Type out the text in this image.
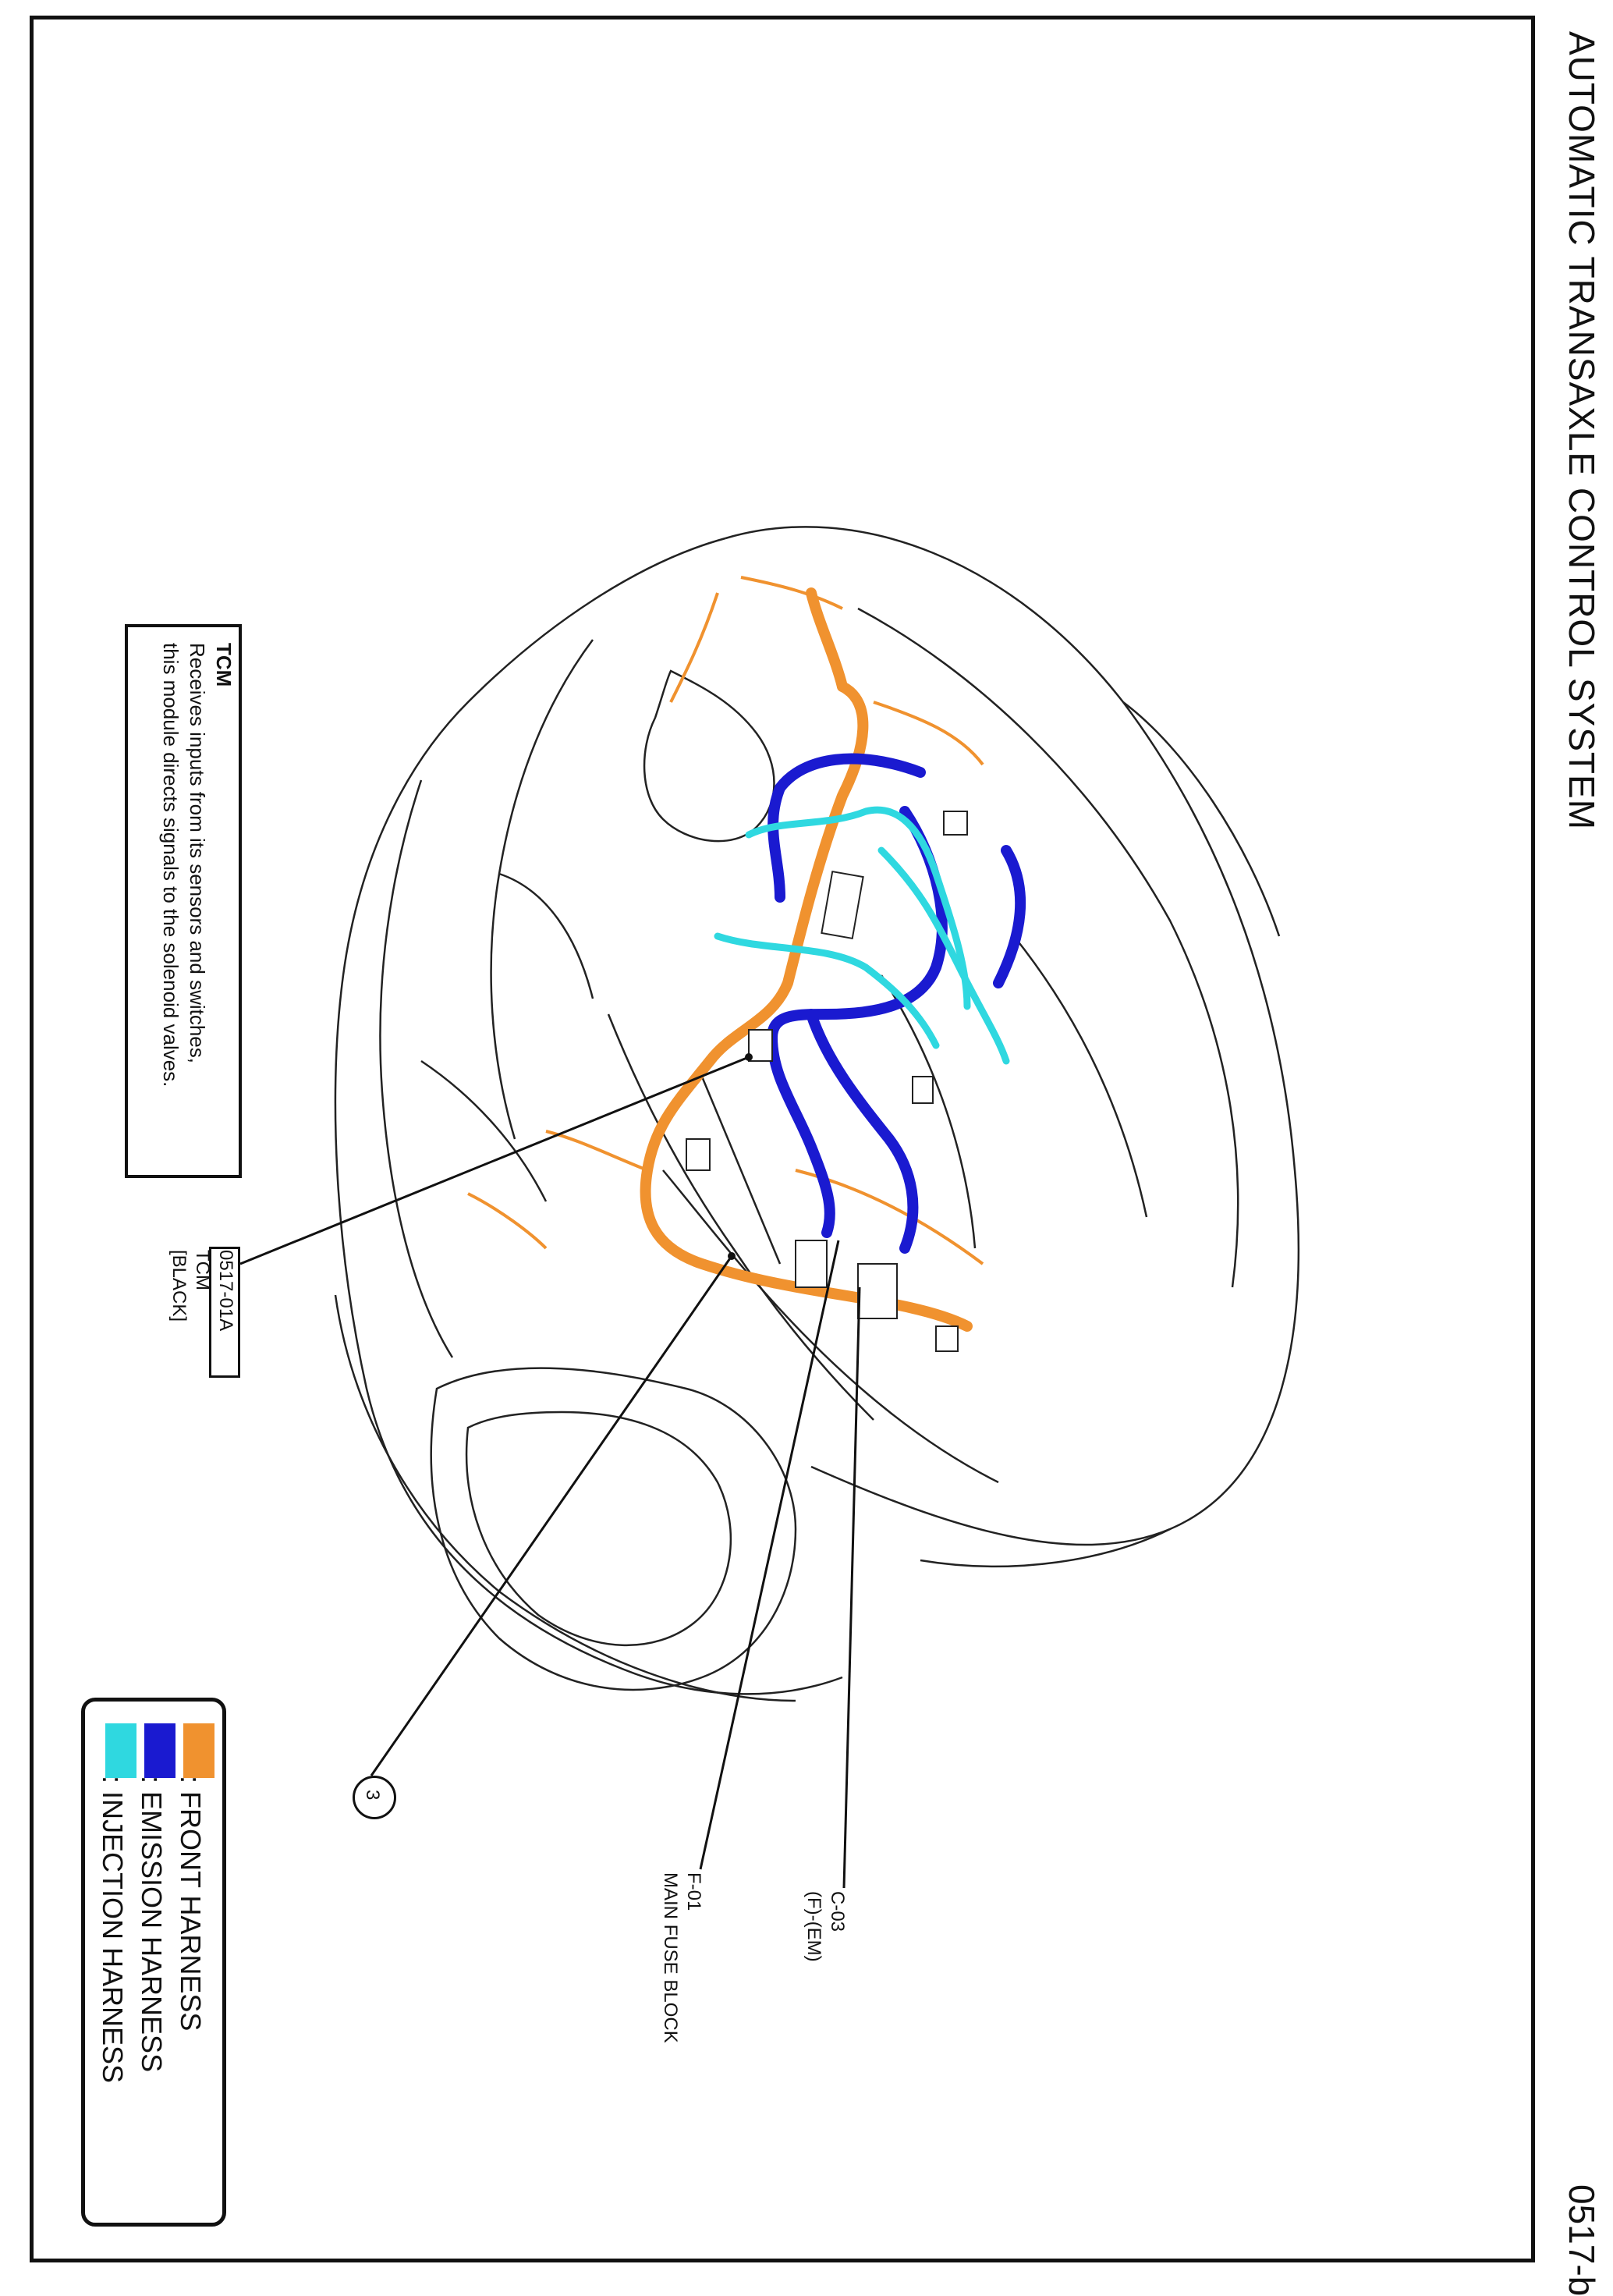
AUTOMATIC TRANSAXLE CONTROL SYSTEM
0517-b
TCM
Receives inputs from its sensors and switches,
this module directs signals to the solenoid valves.
0517-01A
TCM
[BLACK]
3
F-01
MAIN FUSE BLOCK	C-03
(F)-(EM)
: FRONT HARNESS
: EMISSION HARNESS
: INJECTION HARNESS
